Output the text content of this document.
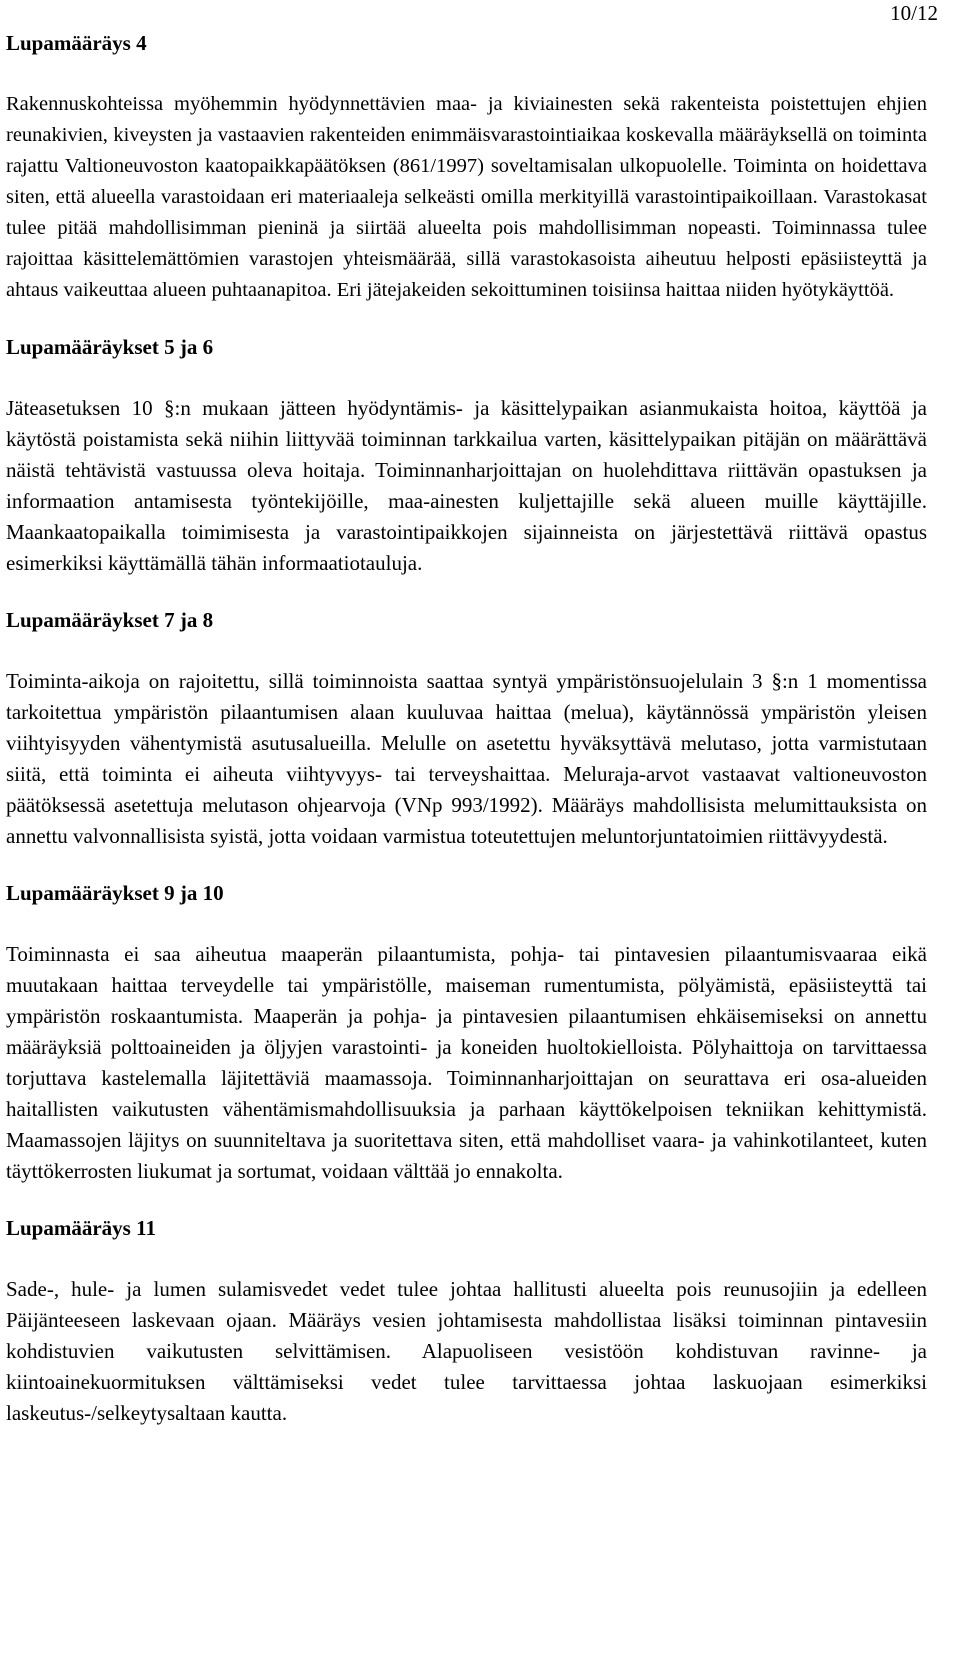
10/12
Lupamääräys 4

Rakennuskohteissa myöhemmin hyödynnettävien maa- ja kiviainesten sekä rakenteista poistettujen ehjien reunakivien, kiveysten ja vastaavien rakenteiden enimmäisvarastointiaikaa koskevalla määräyksellä on toiminta rajattu Valtioneuvoston kaatopaikkapäätöksen (861/1997) soveltamisalan ulkopuolelle. Toiminta on hoidettava siten, että alueella varastoidaan eri materiaaleja selkeästi omilla merkityillä varastointipaikoillaan. Varastokasat tulee pitää mahdollisimman pieninä ja siirtää alueelta pois mahdollisimman nopeasti. Toiminnassa tulee rajoittaa käsittelemättömien varastojen yhteismäärää, sillä varastokasoista aiheutuu helposti epäsiisteyttä ja ahtaus vaikeuttaa alueen puhtaanapitoa. Eri jätejakeiden sekoittuminen toisiinsa haittaa niiden hyötykäyttöä.

Lupamääräykset 5 ja 6

Jäteasetuksen 10 §:n mukaan jätteen hyödyntämis- ja käsittelypaikan asianmukaista hoitoa, käyttöä ja käytöstä poistamista sekä niihin liittyvää toiminnan tarkkailua varten, käsittelypaikan pitäjän on määrättävä näistä tehtävistä vastuussa oleva hoitaja. Toiminnanharjoittajan on huolehdittava riittävän opastuksen ja informaation antamisesta työntekijöille, maa-ainesten kuljettajille sekä alueen muille käyttäjille. Maankaatopaikalla toimimisesta ja varastointipaikkojen sijainneista on järjestettävä riittävä opastus esimerkiksi käyttämällä tähän informaatiotauluja.

Lupamääräykset 7 ja 8

Toiminta-aikoja on rajoitettu, sillä toiminnoista saattaa syntyä ympäristönsuojelulain 3 §:n 1 momentissa tarkoitettua ympäristön pilaantumisen alaan kuuluvaa haittaa (melua), käytännössä ympäristön yleisen viihtyisyyden vähentymistä asutusalueilla. Melulle on asetettu hyväksyttävä melutaso, jotta varmistutaan siitä, että toiminta ei aiheuta viihtyvyys- tai terveyshaittaa. Meluraja-arvot vastaavat valtioneuvoston päätöksessä asetettuja melutason ohjearvoja (VNp 993/1992). Määräys mahdollisista melumittauksista on annettu valvonnallisista syistä, jotta voidaan varmistua toteutettujen meluntorjuntatoimien riittävyydestä.

Lupamääräykset 9 ja 10

Toiminnasta ei saa aiheutua maaperän pilaantumista, pohja- tai pintavesien pilaantumisvaaraa eikä muutakaan haittaa terveydelle tai ympäristölle, maiseman rumentumista, pölyämistä, epäsiisteyttä tai ympäristön roskaantumista. Maaperän ja pohja- ja pintavesien pilaantumisen ehkäisemiseksi on annettu määräyksiä polttoaineiden ja öljyjen varastointi- ja koneiden huoltokielloista. Pölyhaittoja on tarvittaessa torjuttava kastelemalla läjitettäviä maamassoja. Toiminnanharjoittajan on seurattava eri osa-alueiden haitallisten vaikutusten vähentämismahdollisuuksia ja parhaan käyttökelpoisen tekniikan kehittymistä. Maamassojen läjitys on suunniteltava ja suoritettava siten, että mahdolliset vaara- ja vahinkotilanteet, kuten täyttökerrosten liukumat ja sortumat, voidaan välttää jo ennakolta.

Lupamääräys 11

Sade-, hule- ja lumen sulamisvedet vedet tulee johtaa hallitusti alueelta pois reunusojiin ja edelleen Päijänteeseen laskevaan ojaan. Määräys vesien johtamisesta mahdollistaa lisäksi toiminnan pintavesiin kohdistuvien vaikutusten selvittämisen. Alapuoliseen vesistöön kohdistuvan ravinne- ja kiintoainekuormituksen välttämiseksi vedet tulee tarvittaessa johtaa laskuojaan esimerkiksi laskeutus-/selkeytysaltaan kautta.
